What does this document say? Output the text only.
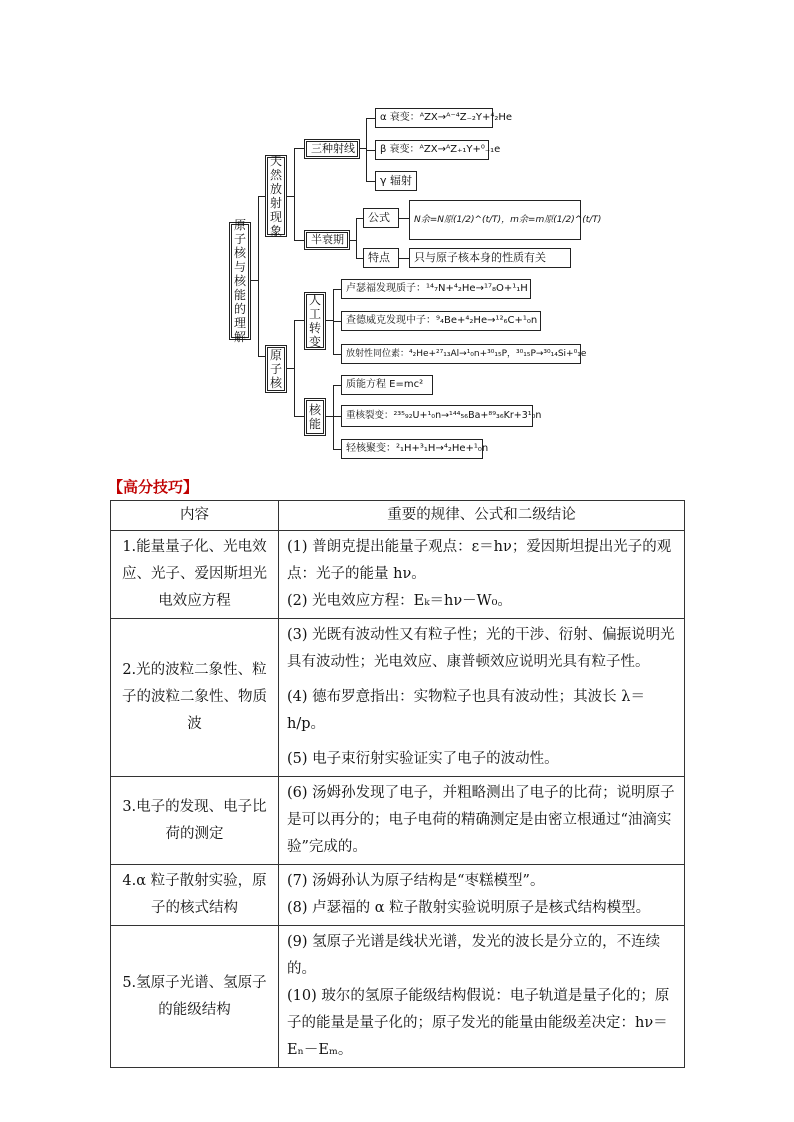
原子核与核能的理解
天然放射现象
三种射线
α 衰变：ᴬZX→ᴬ⁻⁴Z₋₂Y+⁴₂He
β 衰变：ᴬZX→ᴬZ₊₁Y+⁰₋₁e
γ 辐射
半衰期
公式	N余=N原(1/2)^(t/T)，m余=m原(1/2)^(t/T)
特点	只与原子核本身的性质有关
原子核
人工转变
卢瑟福发现质子：¹⁴₇N+⁴₂He→¹⁷₈O+¹₁H
查德威克发现中子：⁹₄Be+⁴₂He→¹²₆C+¹₀n
放射性同位素：⁴₂He+²⁷₁₃Al→¹₀n+³⁰₁₅P，³⁰₁₅P→³⁰₁₄Si+⁰₁e
核能
质能方程 E=mc²
重核裂变：²³⁵₉₂U+¹₀n→¹⁴⁴₅₆Ba+⁸⁹₃₆Kr+3¹₀n
轻核聚变：²₁H+³₁H→⁴₂He+¹₀n
【高分技巧】
内容	重要的规律、公式和二级结论
1.能量量子化、光电效应、光子、爱因斯坦光电效应方程	(1) 普朗克提出能量子观点：ε＝hν；爱因斯坦提出光子的观点：光子的能量 hν。

(2) 光电效应方程：Eₖ＝hν－W₀。

2.光的波粒二象性、粒子的波粒二象性、物质波	(3) 光既有波动性又有粒子性；光的干涉、衍射、偏振说明光具有波动性；光电效应、康普顿效应说明光具有粒子性。

(4) 德布罗意指出：实物粒子也具有波动性；其波长 λ＝h/p。

(5) 电子束衍射实验证实了电子的波动性。

3.电子的发现、电子比荷的测定	(6) 汤姆孙发现了电子，并粗略测出了电子的比荷；说明原子是可以再分的；电子电荷的精确测定是由密立根通过“油滴实验”完成的。

4.α 粒子散射实验，原子的核式结构	(7) 汤姆孙认为原子结构是“枣糕模型”。

(8) 卢瑟福的 α 粒子散射实验说明原子是核式结构模型。

5.氢原子光谱、氢原子的能级结构	(9) 氢原子光谱是线状光谱，发光的波长是分立的，不连续的。

(10) 玻尔的氢原子能级结构假说：电子轨道是量子化的；原子的能量是量子化的；原子发光的能量由能级差决定：hν＝Eₙ－Eₘ。
